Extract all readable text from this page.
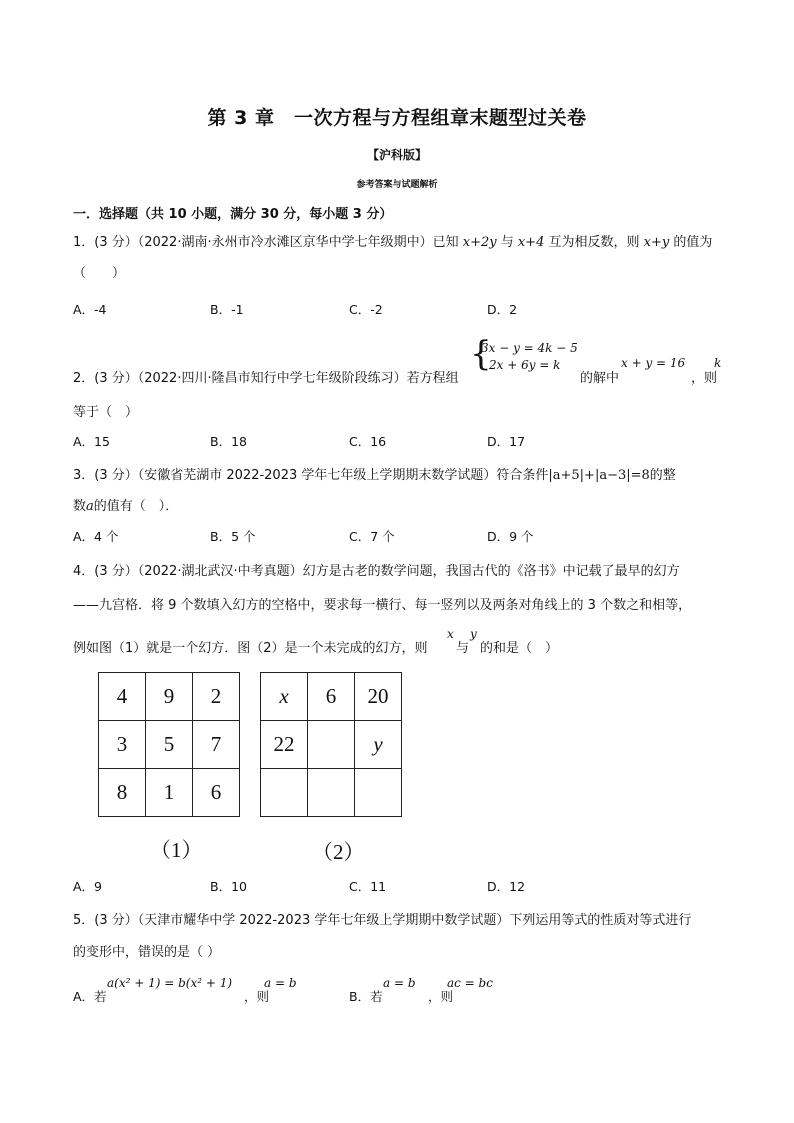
第 3 章　一次方程与方程组章末题型过关卷
【沪科版】
参考答案与试题解析
一．选择题（共 10 小题，满分 30 分，每小题 3 分）
1．(3 分）（2022·湖南·永州市冷水滩区京华中学七年级期中）已知 x+2y 与 x+4 互为相反数，则 x+y 的值为
（　　）
A．-4	B．-1	C．-2	D．2
2．(3 分）（2022·四川·隆昌市知行中学七年级阶段练习）若方程组
{
3x − y = 4k − 5
2x + 6y = k
的解中
x + y = 16
，则
k
等于（　）
A．15	B．18	C．16	D．17
3．(3 分）（安徽省芜湖市 2022-2023 学年七年级上学期期末数学试题）符合条件|a+5|+|a−3|=8的整
数a的值有（　）．
A．4 个	B．5 个	C．7 个	D．9 个
4．(3 分）（2022·湖北武汉·中考真题）幻方是古老的数学问题，我国古代的《洛书》中记载了最早的幻方
——九宫格．将 9 个数填入幻方的空格中，要求每一横行、每一竖列以及两条对角线上的 3 个数之和相等，
例如图（1）就是一个幻方．图（2）是一个未完成的幻方，则
x
与
y
的和是（　）
4	9	2
3	5	7
8	1	6
x	6	20
22		y

（1）	（2）
A．9	B．10	C．11	D．12
5．(3 分）（天津市耀华中学 2022-2023 学年七年级上学期期中数学试题）下列运用等式的性质对等式进行
的变形中，错误的是（ ）
A．若
a(x² + 1) = b(x² + 1)
，则
a = b
B．若
a = b
，则
ac = bc
